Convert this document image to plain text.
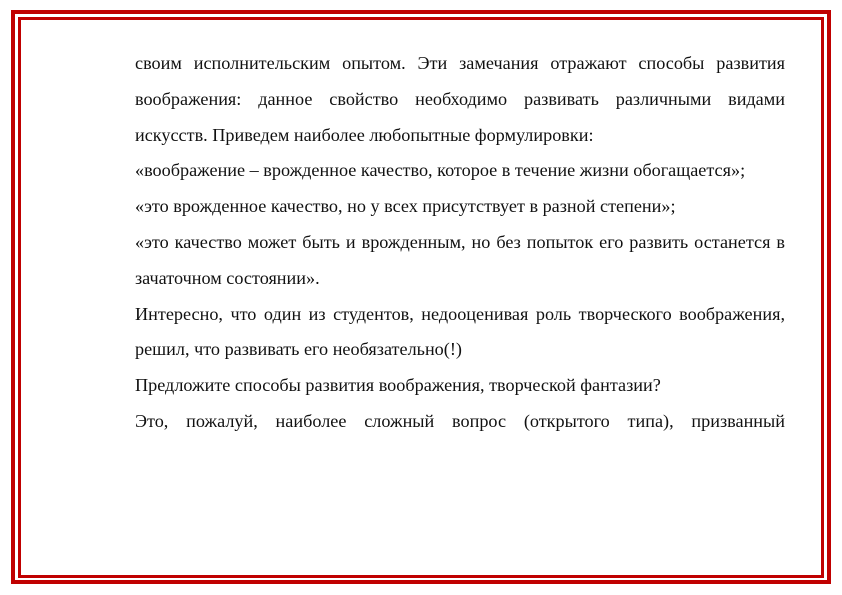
своим исполнительским опытом. Эти замечания отражают способы развития воображения: данное свойство необходимо развивать различными видами искусств. Приведем наиболее любопытные формулировки:

«воображение – врожденное качество, которое в течение жизни обогащается»;

«это врожденное качество, но у всех присутствует в разной степени»;

«это качество может быть и врожденным, но без попыток его развить останется в зачаточном состоянии».

Интересно, что один из студентов, недооценивая роль творческого воображения, решил, что развивать его необязательно(!)

Предложите способы развития воображения, творческой фантазии?

Это, пожалуй, наиболее сложный вопрос (открытого типа), призванный
